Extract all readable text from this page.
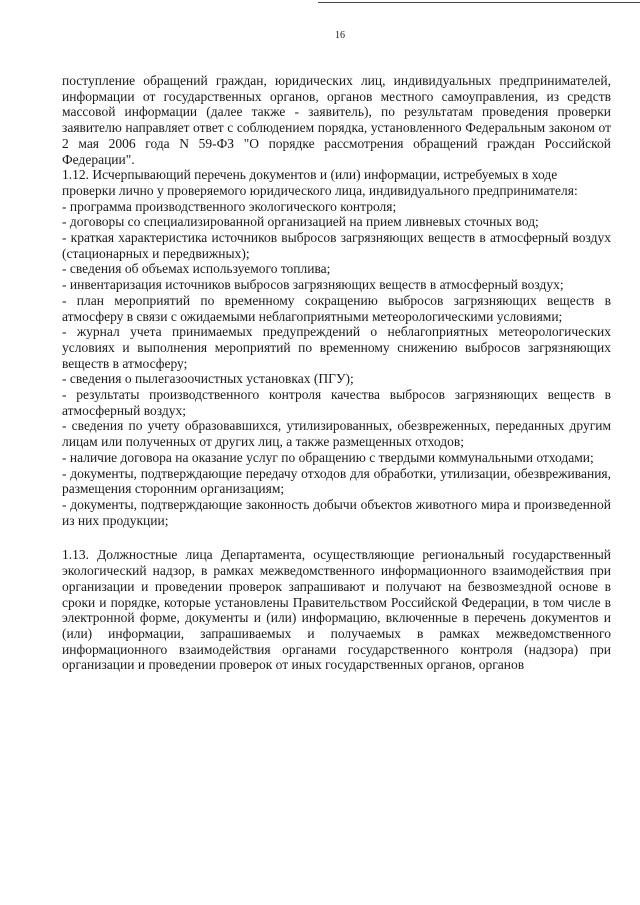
16

поступление обращений граждан, юридических лиц, индивидуальных предпринимателей, информации от государственных органов, органов местного самоуправления, из средств массовой информации (далее также - заявитель), по результатам проведения проверки заявителю направляет ответ с соблюдением порядка, установленного Федеральным законом от 2 мая 2006 года N 59-ФЗ "О порядке рассмотрения обращений граждан Российской Федерации".

1.12. Исчерпывающий перечень документов и (или) информации, истребуемых в ходе проверки лично у проверяемого юридического лица, индивидуального предпринимателя:

- программа производственного экологического контроля;

- договоры со специализированной организацией на прием ливневых сточных вод;

- краткая характеристика источников выбросов загрязняющих веществ в атмосферный воздух (стационарных и передвижных);

- сведения об объемах используемого топлива;

- инвентаризация источников выбросов загрязняющих веществ в атмосферный воздух;

- план мероприятий по временному сокращению выбросов загрязняющих веществ в атмосферу в связи с ожидаемыми неблагоприятными метеорологическими условиями;

- журнал учета принимаемых предупреждений о неблагоприятных метеорологических условиях и выполнения мероприятий по временному снижению выбросов загрязняющих веществ в атмосферу;

- сведения о пылегазоочистных установках (ПГУ);

- результаты производственного контроля качества выбросов загрязняющих веществ в атмосферный воздух;

- сведения по учету образовавшихся, утилизированных, обезвреженных, переданных другим лицам или полученных от других лиц, а также размещенных отходов;

- наличие договора на оказание услуг по обращению с твердыми коммунальными отходами;

- документы, подтверждающие передачу отходов для обработки, утилизации, обезвреживания, размещения сторонним организациям;

- документы, подтверждающие законность добычи объектов животного мира и произведенной из них продукции;

1.13. Должностные лица Департамента, осуществляющие региональный государственный экологический надзор, в рамках межведомственного информационного взаимодействия при организации и проведении проверок запрашивают и получают на безвозмездной основе в сроки и порядке, которые установлены Правительством Российской Федерации, в том числе в электронной форме, документы и (или) информацию, включенные в перечень документов и (или) информации, запрашиваемых и получаемых в рамках межведомственного информационного взаимодействия органами государственного контроля (надзора) при организации и проведении проверок от иных государственных органов, органов
